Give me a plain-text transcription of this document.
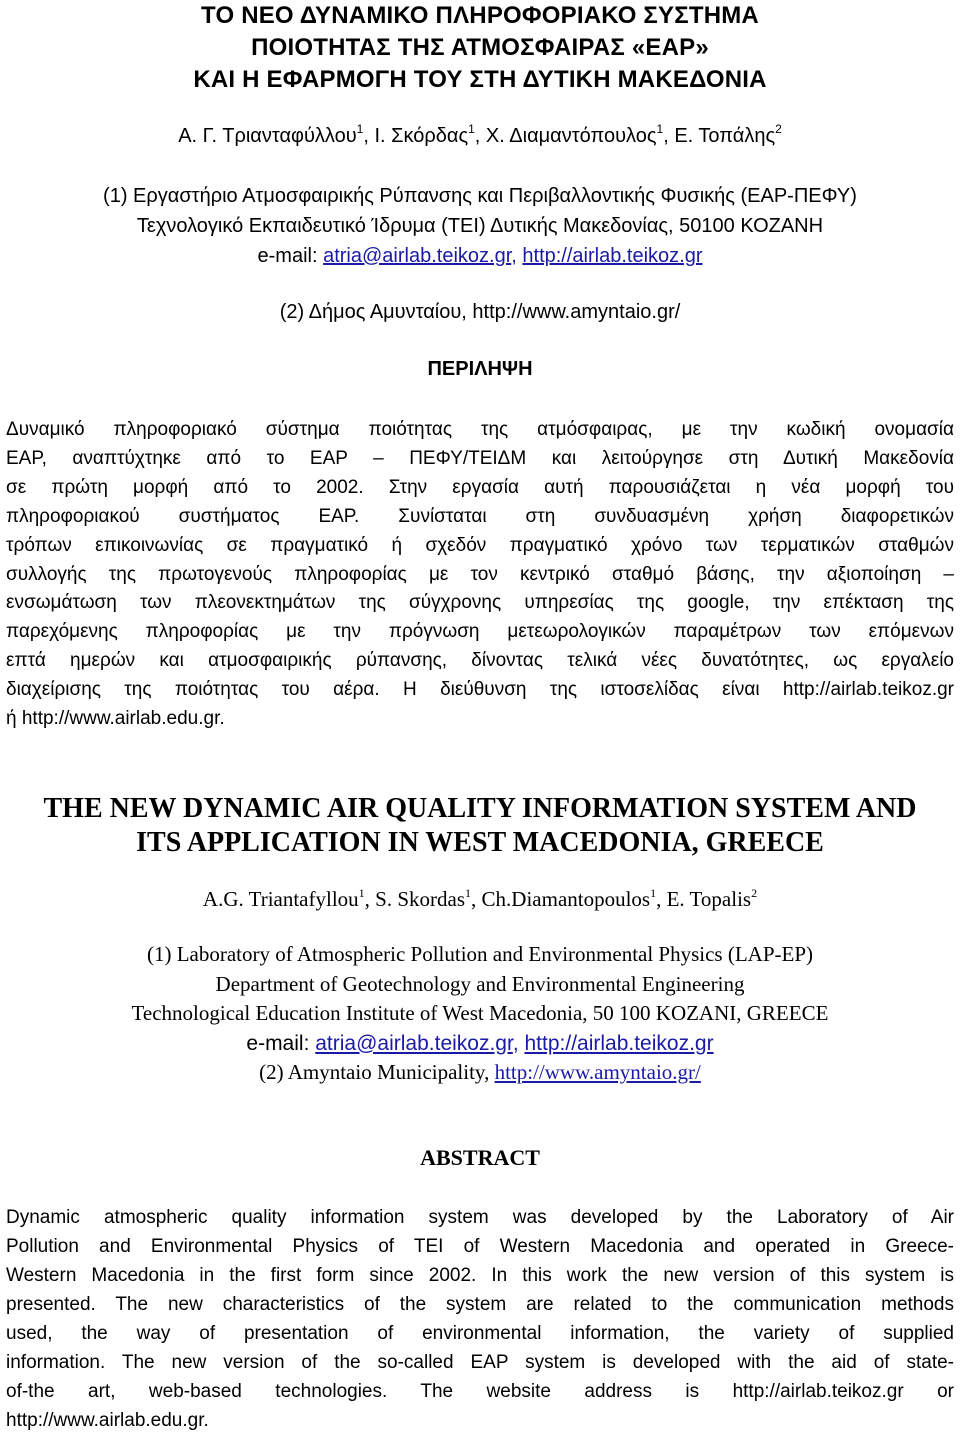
ΤΟ ΝΕΟ ΔΥΝΑΜΙΚΟ ΠΛΗΡΟΦΟΡΙΑΚΟ ΣΥΣΤΗΜΑ
ΠΟΙΟΤΗΤΑΣ ΤΗΣ ΑΤΜΟΣΦΑΙΡΑΣ «ΕΑΡ»
ΚΑΙ Η ΕΦΑΡΜΟΓΗ ΤΟΥ ΣΤΗ ΔΥΤΙΚΗ ΜΑΚΕΔΟΝΙΑ
Α. Γ. Τριανταφύλλου$^1$, Ι. Σκόρδας$^1$, Χ. Διαμαντόπουλος$^1$, Ε. Τοπάλης$^2$
(1) Εργαστήριο Ατμοσφαιρικής Ρύπανσης και Περιβαλλοντικής Φυσικής (ΕΑΡ-ΠΕΦΥ)
Τεχνολογικό Εκπαιδευτικό Ίδρυμα (ΤΕΙ) Δυτικής Μακεδονίας, 50100 ΚΟΖΑΝΗ
e-mail: atria@airlab.teikoz.gr, http://airlab.teikoz.gr
(2) Δήμος Αμυνταίου, http://www.amyntaio.gr/
ΠΕΡΙΛΗΨΗ
Δυναμικό πληροφοριακό σύστημα ποιότητας της ατμόσφαιρας, με την κωδική ονομασία
ΕΑΡ, αναπτύχτηκε από το ΕΑΡ – ΠΕΦΥ/ΤΕΙΔΜ και λειτούργησε στη Δυτική Μακεδονία
σε πρώτη μορφή από το 2002. Στην εργασία αυτή παρουσιάζεται η νέα μορφή του
πληροφοριακού συστήματος ΕΑΡ. Συνίσταται στη συνδυασμένη χρήση διαφορετικών
τρόπων επικοινωνίας σε πραγματικό ή σχεδόν πραγματικό χρόνο των τερματικών σταθμών
συλλογής της πρωτογενούς πληροφορίας με τον κεντρικό σταθμό βάσης, την αξιοποίηση –
ενσωμάτωση των πλεονεκτημάτων της σύγχρονης υπηρεσίας της google, την επέκταση της
παρεχόμενης πληροφορίας με την πρόγνωση μετεωρολογικών παραμέτρων των επόμενων
επτά ημερών και ατμοσφαιρικής ρύπανσης, δίνοντας τελικά νέες δυνατότητες, ως εργαλείο
διαχείρισης της ποιότητας του αέρα. Η διεύθυνση της ιστοσελίδας είναι http://airlab.teikoz.gr
ή http://www.airlab.edu.gr.
THE NEW DYNAMIC AIR QUALITY INFORMATION SYSTEM AND
ITS APPLICATION IN WEST MACEDONIA, GREECE
A.G. Triantafyllou$^1$, S. Skordas$^1$, Ch.Diamantopoulos$^1$, E. Topalis$^2$
(1) Laboratory of Atmospheric Pollution and Environmental Physics (LAP-EP)
Department of Geotechnology and Environmental Engineering
Technological Education Institute of West Macedonia, 50 100 KOZANI, GREECE
e-mail: atria@airlab.teikoz.gr, http://airlab.teikoz.gr
(2) Amyntaio Municipality, http://www.amyntaio.gr/
ABSTRACT
Dynamic atmospheric quality information system was developed by the Laboratory of Air
Pollution and Environmental Physics of TEI of Western Macedonia and operated in Greece-
Western Macedonia in the first form since 2002. In this work the new version of this system is
presented. The new characteristics of the system are related to the communication methods
used, the way of presentation of environmental information, the variety of supplied
information. The new version of the so-called EAP system is developed with the aid of state-
of-the art, web-based technologies. The website address is http://airlab.teikoz.gr or
http://www.airlab.edu.gr.
